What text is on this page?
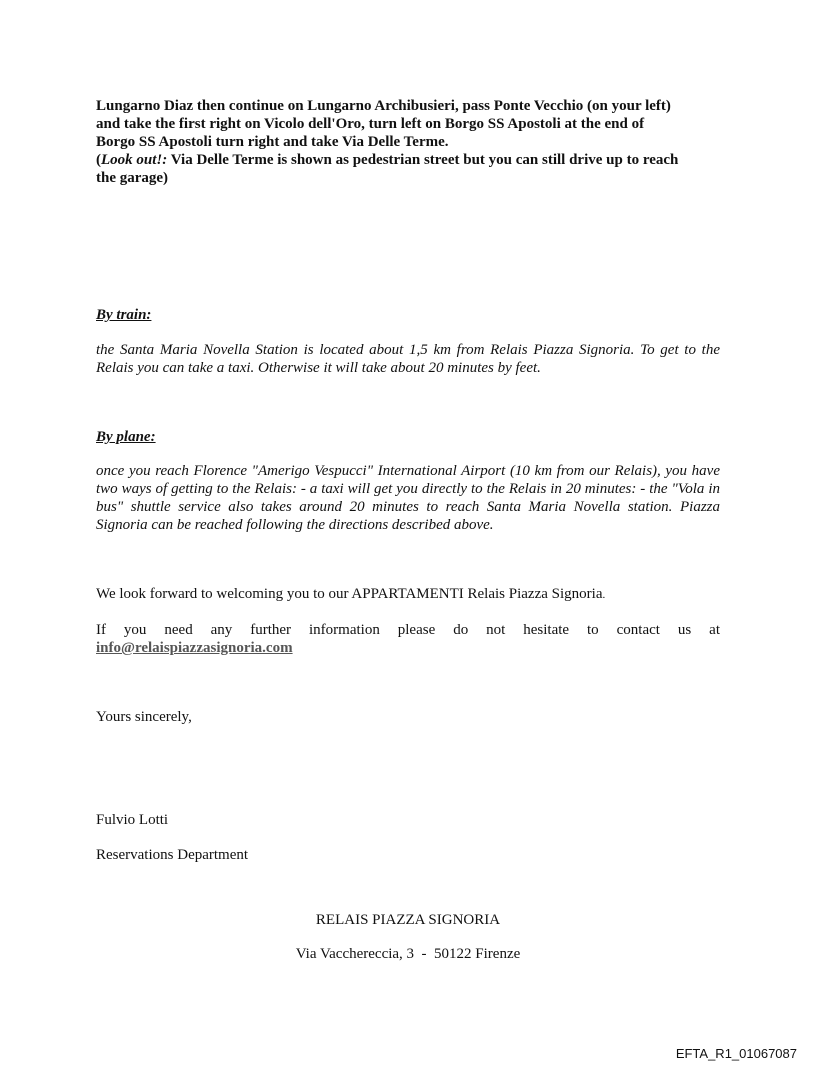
Lungarno Diaz then continue on Lungarno Archibusieri, pass Ponte Vecchio (on your left)
and take the first right on Vicolo dell'Oro, turn left on Borgo SS Apostoli at the end of
Borgo SS Apostoli turn right and take Via Delle Terme.
(Look out!: Via Delle Terme is shown as pedestrian street but you can still drive up to reach
the garage)
By train:
the Santa Maria Novella Station is located about 1,5 km from Relais Piazza Signoria. To get to the Relais you can take a taxi. Otherwise it will take about 20 minutes by feet.
By plane:
once you reach Florence "Amerigo Vespucci" International Airport (10 km from our Relais), you have two ways of getting to the Relais: - a taxi will get you directly to the Relais in 20 minutes: - the "Vola in bus" shuttle service also takes around 20 minutes to reach Santa Maria Novella station. Piazza Signoria can be reached following the directions described above.
We look forward to welcoming you to our APPARTAMENTI Relais Piazza Signoria.
If you need any further information please do not hesitate to contact us at
info@relaispiazzasignoria.com
Yours sincerely,
Fulvio Lotti
Reservations Department
RELAIS PIAZZA SIGNORIA
Via Vacchereccia, 3  -  50122 Firenze
EFTA_R1_01067087
